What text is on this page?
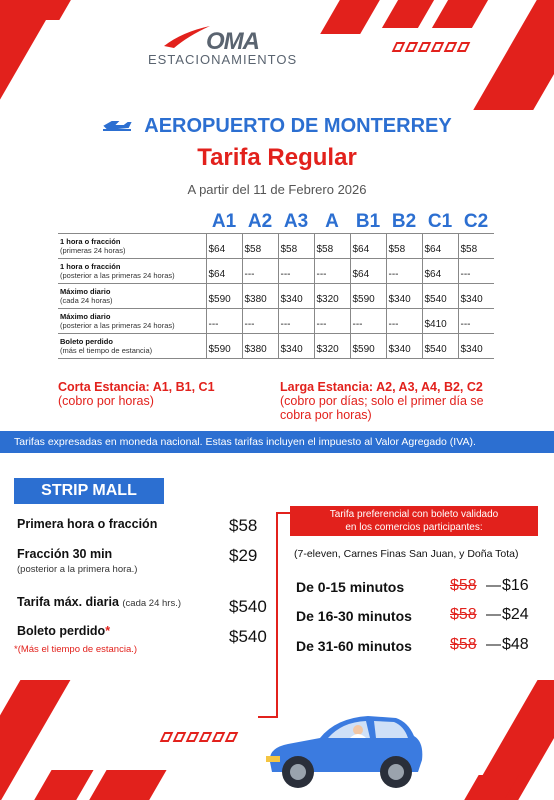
OMA
ESTACIONAMIENTOS
AEROPUERTO DE MONTERREY
Tarifa Regular
A partir del 11 de Febrero 2026
	A1	A2	A3	A	B1	B2	C1	C2
1 hora o fracción
(primeras 24 horas)	$64	$58	$58	$58	$64	$58	$64	$58
1 hora o fracción
(posterior a las primeras 24 horas)	$64	---	---	---	$64	---	$64	---
Máximo diario
(cada 24 horas)	$590	$380	$340	$320	$590	$340	$540	$340
Máximo diario
(posterior a las primeras 24 horas)	---	---	---	---	---	---	$410	---
Boleto perdido
(más el tiempo de estancia)	$590	$380	$340	$320	$590	$340	$540	$340
Corta Estancia: A1, B1, C1
(cobro por horas)
Larga Estancia: A2, A3, A4, B2, C2
(cobro por días; solo el primer día se cobra por horas)
Tarifas expresadas en moneda nacional. Estas tarifas incluyen el impuesto al Valor Agregado (IVA).
STRIP MALL
Primera hora o fracción	$58
Fracción 30 min
(posterior a la primera hora.)
$29
Tarifa máx. diaria (cada 24 hrs.)	$540
Boleto perdido*
*(Más el tiempo de estancia.)
$540
Tarifa preferencial con boleto validado
en los comercios participantes:
(7-eleven, Carnes Finas San Juan, y Doña Tota)
De 0-15 minutos	$58 — $16
De 16-30 minutos $58 — $24
De 31-60 minutos $58 — $48
